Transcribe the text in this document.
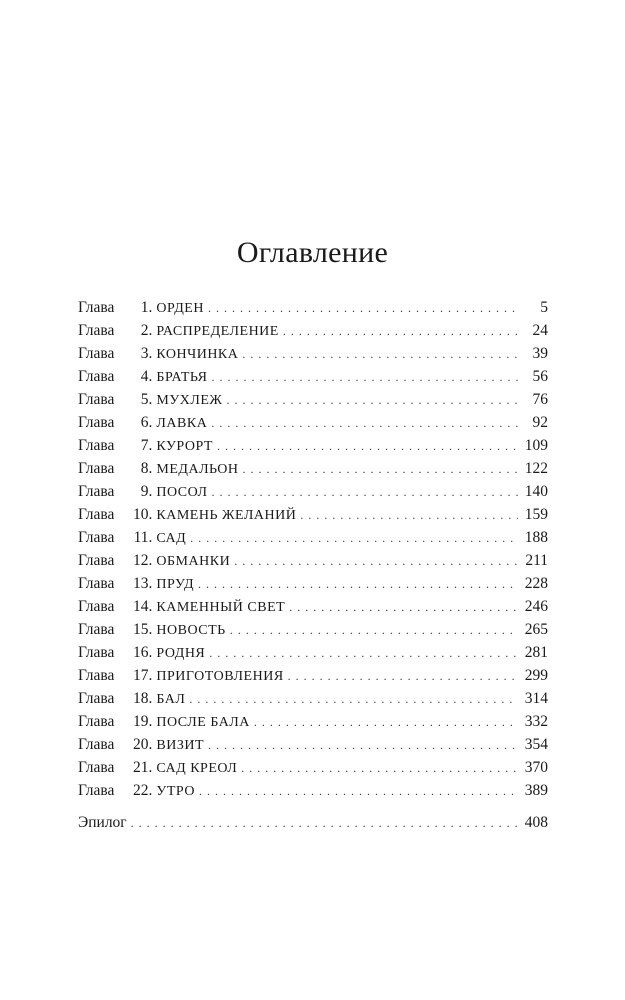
Оглавление
Глава	1. ОРДЕН . . .	5
Глава	2. РАСПРЕДЕЛЕНИЕ . . .	24
Глава	3. КОНЧИНКА . . .	39
Глава	4. БРАТЬЯ . . .	56
Глава	5. МУХЛЕЖ . . .	76
Глава	6. ЛАВКА . . .	92
Глава	7. КУРОРТ . . .	109
Глава	8. МЕДАЛЬОН . . .	122
Глава	9. ПОСОЛ . . .	140
Глава	10. КАМЕНЬ ЖЕЛАНИЙ . . .	159
Глава	11. САД . . .	188
Глава	12. ОБМАНКИ . . .	211
Глава	13. ПРУД . . .	228
Глава	14. КАМЕННЫЙ СВЕТ . . .	246
Глава	15. НОВОСТЬ . . .	265
Глава	16. РОДНЯ . . .	281
Глава	17. ПРИГОТОВЛЕНИЯ . . .	299
Глава	18. БАЛ . . .	314
Глава	19. ПОСЛЕ БАЛА . . .	332
Глава	20. ВИЗИТ . . .	354
Глава	21. САД КРЕОЛ . . .	370
Глава	22. УТРО . . .	389
Эпилог . . .	408
